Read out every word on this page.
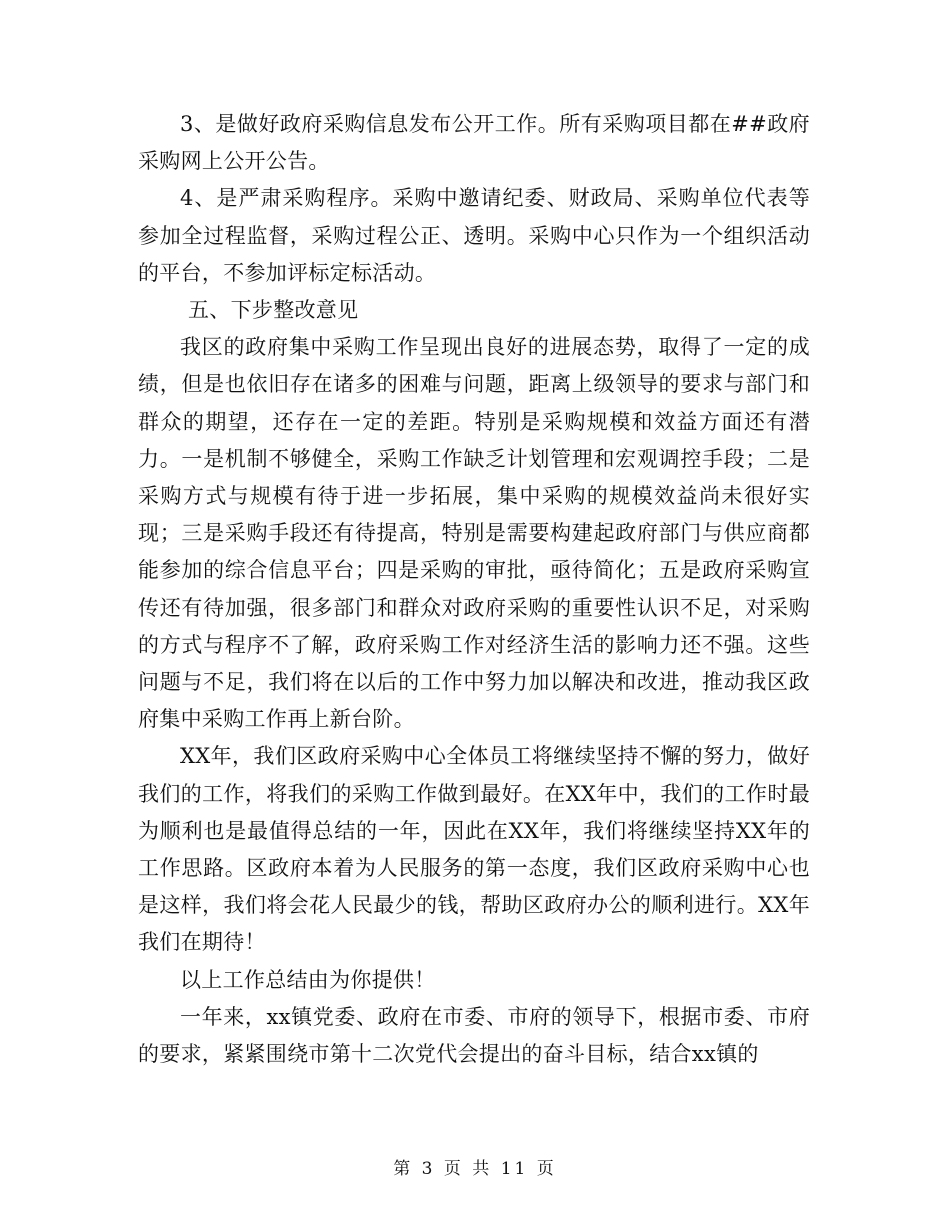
3、是做好政府采购信息发布公开工作。所有采购项目都在##政府采购网上公开公告。

4、是严肃采购程序。采购中邀请纪委、财政局、采购单位代表等参加全过程监督，采购过程公正、透明。采购中心只作为一个组织活动的平台，不参加评标定标活动。

五、下步整改意见

我区的政府集中采购工作呈现出良好的进展态势，取得了一定的成绩，但是也依旧存在诸多的困难与问题，距离上级领导的要求与部门和群众的期望，还存在一定的差距。特别是采购规模和效益方面还有潜力。一是机制不够健全，采购工作缺乏计划管理和宏观调控手段；二是采购方式与规模有待于进一步拓展，集中采购的规模效益尚未很好实现；三是采购手段还有待提高，特别是需要构建起政府部门与供应商都能参加的综合信息平台；四是采购的审批，亟待简化；五是政府采购宣传还有待加强，很多部门和群众对政府采购的重要性认识不足，对采购的方式与程序不了解，政府采购工作对经济生活的影响力还不强。这些问题与不足，我们将在以后的工作中努力加以解决和改进，推动我区政府集中采购工作再上新台阶。

XX年，我们区政府采购中心全体员工将继续坚持不懈的努力，做好我们的工作，将我们的采购工作做到最好。在XX年中，我们的工作时最为顺利也是最值得总结的一年，因此在XX年，我们将继续坚持XX年的工作思路。区政府本着为人民服务的第一态度，我们区政府采购中心也是这样，我们将会花人民最少的钱，帮助区政府办公的顺利进行。XX年我们在期待！

以上工作总结由为你提供！

一年来，xx镇党委、政府在市委、市府的领导下，根据市委、市府的要求，紧紧围绕市第十二次党代会提出的奋斗目标，结合xx镇的

第 3 页 共 11 页
